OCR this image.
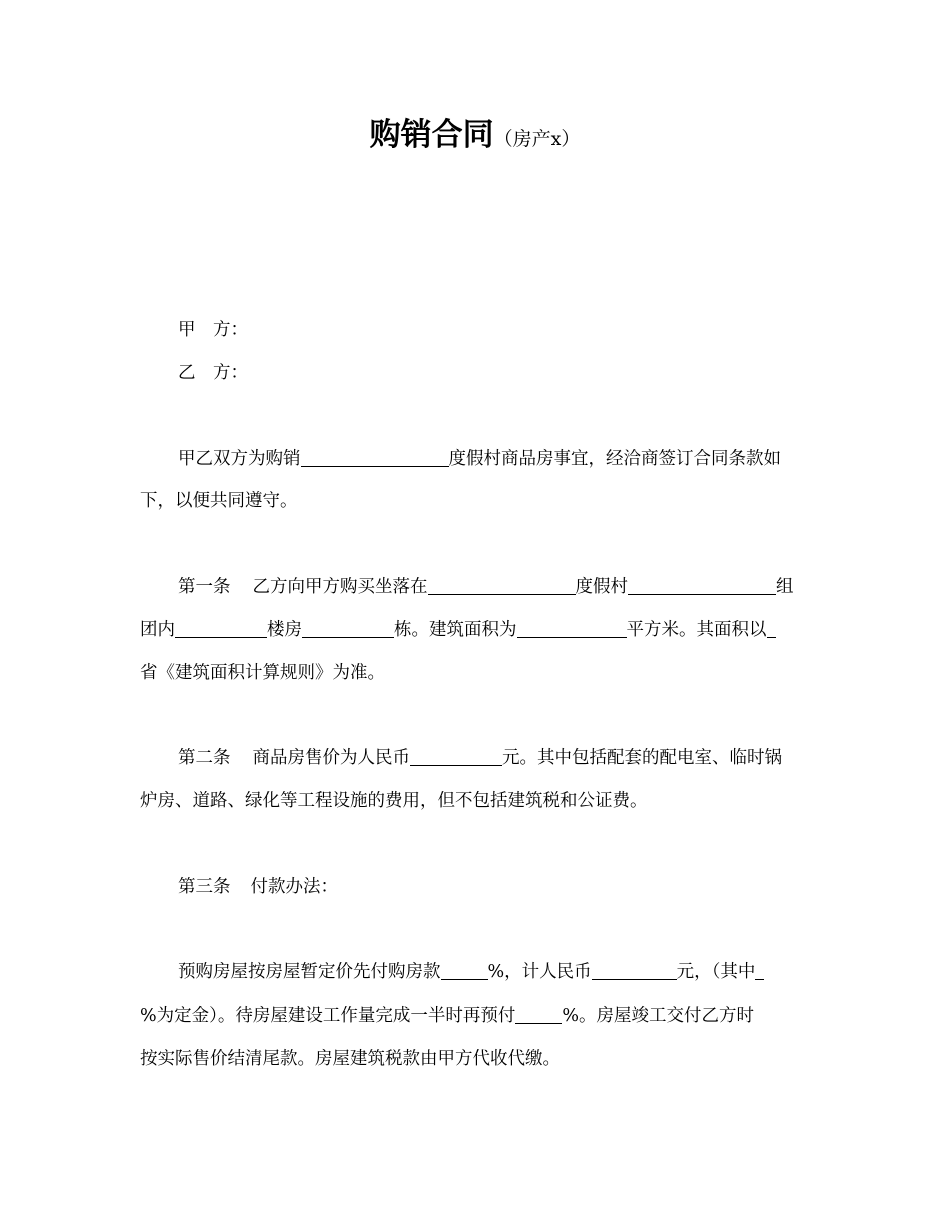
购销合同（房产x）
甲　方：
乙　方：
甲乙双方为购销	度假村商品房事宜，经洽商签订合同条款如
下，以便共同遵守。
第一条 乙方向甲方购买坐落在	度假村	组
团内	楼房	栋。建筑面积为	平方米。其面积以
省《建筑面积计算规则》为准。
第二条 商品房售价为人民币	元。其中包括配套的配电室、临时锅
炉房、道路、绿化等工程设施的费用，但不包括建筑税和公证费。
第三条 付款办法：
预购房屋按房屋暂定价先付购房款	%，计人民币	元，（其中
%为定金）。待房屋建设工作量完成一半时再预付	%。房屋竣工交付乙方时
按实际售价结清尾款。房屋建筑税款由甲方代收代缴。
